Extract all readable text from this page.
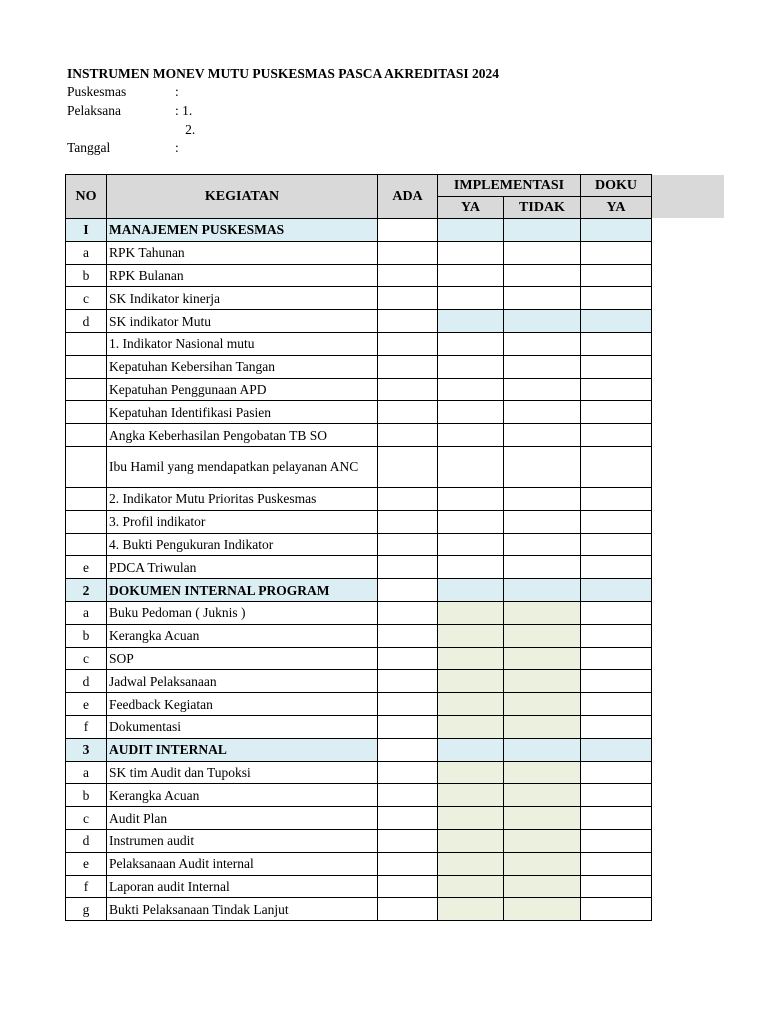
INSTRUMEN MONEV MUTU PUSKESMAS PASCA AKREDITASI 2024
Puskesmas	:
Pelaksana	: 1.
2.
Tanggal	:
NO	KEGIATAN	ADA	IMPLEMENTASI		DOKU
			YA	TIDAK	YA
I	MANAJEMEN PUSKESMAS				
a	RPK Tahunan				
b	RPK Bulanan				
c	SK Indikator kinerja				
d	SK indikator Mutu				
	1. Indikator Nasional mutu				
	Kepatuhan Kebersihan Tangan				
	Kepatuhan Penggunaan APD				
	Kepatuhan Identifikasi Pasien				
	Angka Keberhasilan Pengobatan TB SO				
	Ibu Hamil yang mendapatkan pelayanan ANC				
	2. Indikator Mutu Prioritas Puskesmas				
	3. Profil indikator				
	4. Bukti Pengukuran Indikator				
e	PDCA Triwulan				
2	DOKUMEN INTERNAL PROGRAM				
a	Buku Pedoman ( Juknis )				
b	Kerangka Acuan				
c	SOP				
d	Jadwal Pelaksanaan				
e	Feedback Kegiatan				
f	Dokumentasi				
3	AUDIT INTERNAL				
a	SK tim Audit dan Tupoksi				
b	Kerangka Acuan				
c	Audit Plan				
d	Instrumen audit				
e	Pelaksanaan Audit internal				
f	Laporan audit Internal				
g	Bukti Pelaksanaan Tindak Lanjut				
